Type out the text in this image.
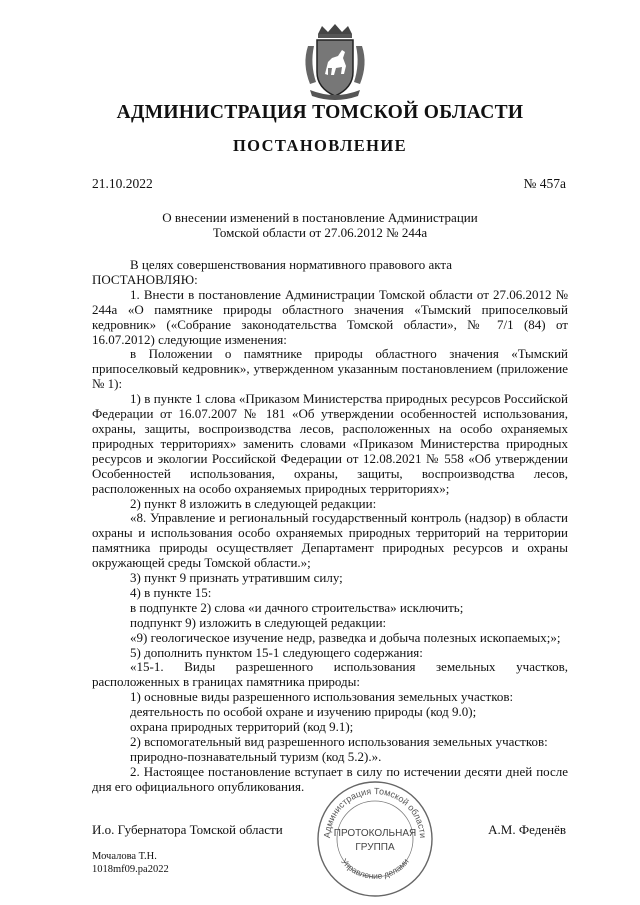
АДМИНИСТРАЦИЯ ТОМСКОЙ ОБЛАСТИ
ПОСТАНОВЛЕНИЕ
21.10.2022	№ 457а
О внесении изменений в постановление Администрации
Томской области от 27.06.2012 № 244а

В целях совершенствования нормативного правового акта

ПОСТАНОВЛЯЮ:

1. Внести в постановление Администрации Томской области от 27.06.2012 № 244а «О памятнике природы областного значения «Тымский припоселковый кедровник» («Собрание законодательства Томской области», № 7/1 (84) от 16.07.2012) следующие изменения:

в Положении о памятнике природы областного значения «Тымский припоселковый кедровник», утвержденном указанным постановлением (приложение № 1):

1) в пункте 1 слова «Приказом Министерства природных ресурсов Российской Федерации от 16.07.2007 № 181 «Об утверждении особенностей использования, охраны, защиты, воспроизводства лесов, расположенных на особо охраняемых природных территориях» заменить словами «Приказом Министерства природных ресурсов и экологии Российской Федерации от 12.08.2021 № 558 «Об утверждении Особенностей использования, охраны, защиты, воспроизводства лесов, расположенных на особо охраняемых природных территориях»;

2) пункт 8 изложить в следующей редакции:

«8. Управление и региональный государственный контроль (надзор) в области охраны и использования особо охраняемых природных территорий на территории памятника природы осуществляет Департамент природных ресурсов и охраны окружающей среды Томской области.»;

3) пункт 9 признать утратившим силу;

4) в пункте 15:

в подпункте 2) слова «и дачного строительства» исключить;

подпункт 9) изложить в следующей редакции:

«9) геологическое изучение недр, разведка и добыча полезных ископаемых;»;

5) дополнить пунктом 15-1 следующего содержания:

«15-1. Виды разрешенного использования земельных участков, расположенных в границах памятника природы:

1) основные виды разрешенного использования земельных участков:

деятельность по особой охране и изучению природы (код 9.0);

охрана природных территорий (код 9.1);

2) вспомогательный вид разрешенного использования земельных участков:

природно-познавательный туризм (код 5.2).».

2. Настоящее постановление вступает в силу по истечении десяти дней после дня его официального опубликования.

Администрация Томской области
Управление делами
ПРОТОКОЛЬНАЯ
ГРУППА
И.о. Губернатора Томской области	А.М. Феденёв
Мочалова Т.Н.
1018mf09.pa2022
